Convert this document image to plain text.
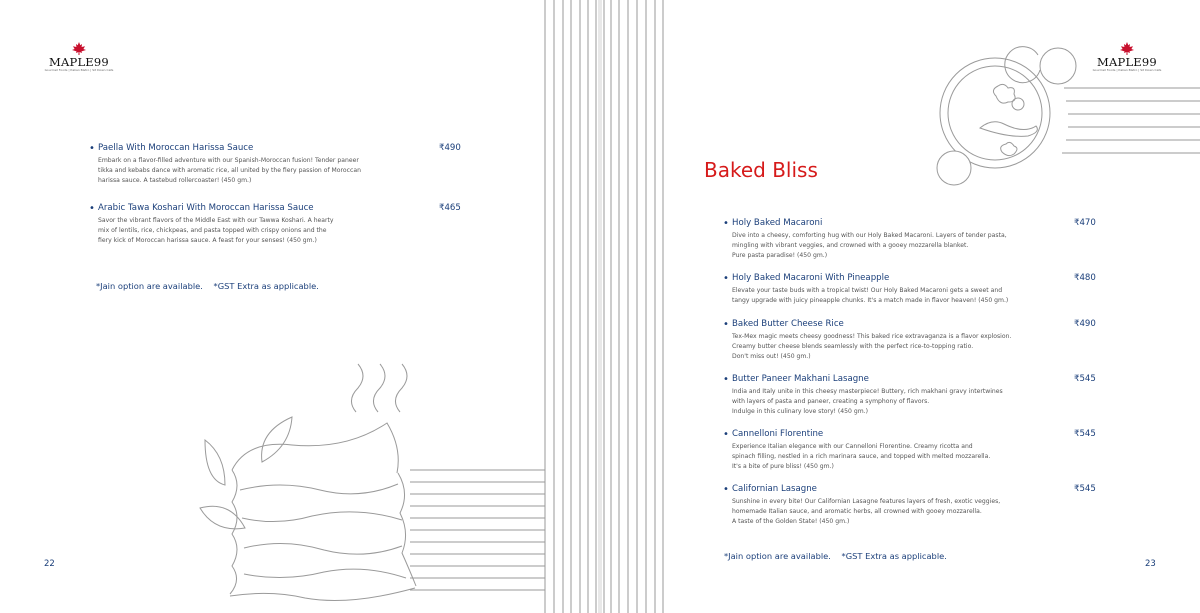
MAPLE99
Gourmet Foods | Italian Bistro | Sit Down Cafe
• Paella With Moroccan Harissa Sauce	₹490
Embark on a flavor-filled adventure with our Spanish-Moroccan fusion! Tender paneer
tikka and kebabs dance with aromatic rice, all united by the fiery passion of Moroccan
harissa sauce. A tastebud rollercoaster! (450 gm.)
• Arabic Tawa Koshari With Moroccan Harissa Sauce	₹465
Savor the vibrant flavors of the Middle East with our Tawwa Koshari. A hearty
mix of lentils, rice, chickpeas, and pasta topped with crispy onions and the
fiery kick of Moroccan harissa sauce. A feast for your senses! (450 gm.)
*Jain option are available. *GST Extra as applicable.
22
MAPLE99
Gourmet Foods | Italian Bistro | Sit Down Cafe
Baked Bliss
• Holy Baked Macaroni	₹470
Dive into a cheesy, comforting hug with our Holy Baked Macaroni. Layers of tender pasta,
mingling with vibrant veggies, and crowned with a gooey mozzarella blanket.
Pure pasta paradise! (450 gm.)
• Holy Baked Macaroni With Pineapple	₹480
Elevate your taste buds with a tropical twist! Our Holy Baked Macaroni gets a sweet and
tangy upgrade with juicy pineapple chunks. It's a match made in flavor heaven! (450 gm.)
• Baked Butter Cheese Rice	₹490
Tex-Mex magic meets cheesy goodness! This baked rice extravaganza is a flavor explosion.
Creamy butter cheese blends seamlessly with the perfect rice-to-topping ratio.
Don't miss out! (450 gm.)
• Butter Paneer Makhani Lasagne	₹545
India and Italy unite in this cheesy masterpiece! Buttery, rich makhani gravy intertwines
with layers of pasta and paneer, creating a symphony of flavors.
Indulge in this culinary love story! (450 gm.)
• Cannelloni Florentine	₹545
Experience Italian elegance with our Cannelloni Florentine. Creamy ricotta and
spinach filling, nestled in a rich marinara sauce, and topped with melted mozzarella.
It's a bite of pure bliss! (450 gm.)
• Californian Lasagne	₹545
Sunshine in every bite! Our Californian Lasagne features layers of fresh, exotic veggies,
homemade Italian sauce, and aromatic herbs, all crowned with gooey mozzarella.
A taste of the Golden State! (450 gm.)
*Jain option are available. *GST Extra as applicable.
23
